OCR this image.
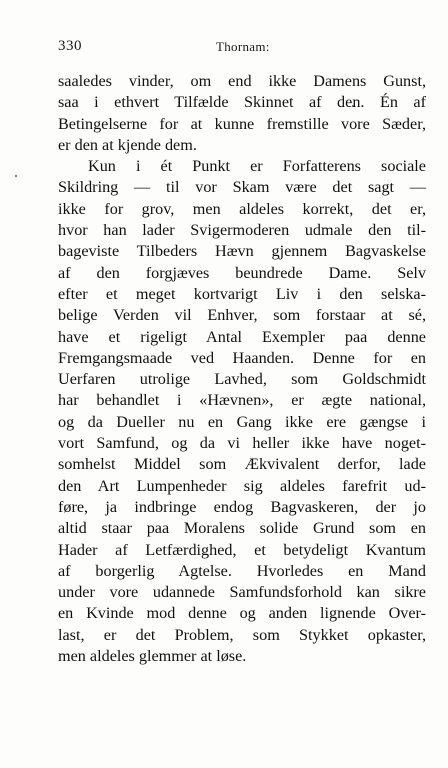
330	Thornam:
saaledes vinder, om end ikke Damens Gunst,
saa i ethvert Tilfælde Skinnet af den. Én af
Betingelserne for at kunne fremstille vore Sæder,
er den at kjende dem.
Kun i ét Punkt er Forfatterens sociale
Skildring — til vor Skam være det sagt —
ikke for grov, men aldeles korrekt, det er,
hvor han lader Svigermoderen udmale den til-
bageviste Tilbeders Hævn gjennem Bagvaskelse
af den forgjæves beundrede Dame. Selv
efter et meget kortvarigt Liv i den selska-
belige Verden vil Enhver, som forstaar at sé,
have et rigeligt Antal Exempler paa denne
Fremgangsmaade ved Haanden. Denne for en
Uerfaren utrolige Lavhed, som Goldschmidt
har behandlet i «Hævnen», er ægte national,
og da Dueller nu en Gang ikke ere gængse i
vort Samfund, og da vi heller ikke have noget-
somhelst Middel som Ækvivalent derfor, lade
den Art Lumpenheder sig aldeles farefrit ud-
føre, ja indbringe endog Bagvaskeren, der jo
altid staar paa Moralens solide Grund som en
Hader af Letfærdighed, et betydeligt Kvantum
af borgerlig Agtelse. Hvorledes en Mand
under vore udannede Samfundsforhold kan sikre
en Kvinde mod denne og anden lignende Over-
last, er det Problem, som Stykket opkaster,
men aldeles glemmer at løse.
